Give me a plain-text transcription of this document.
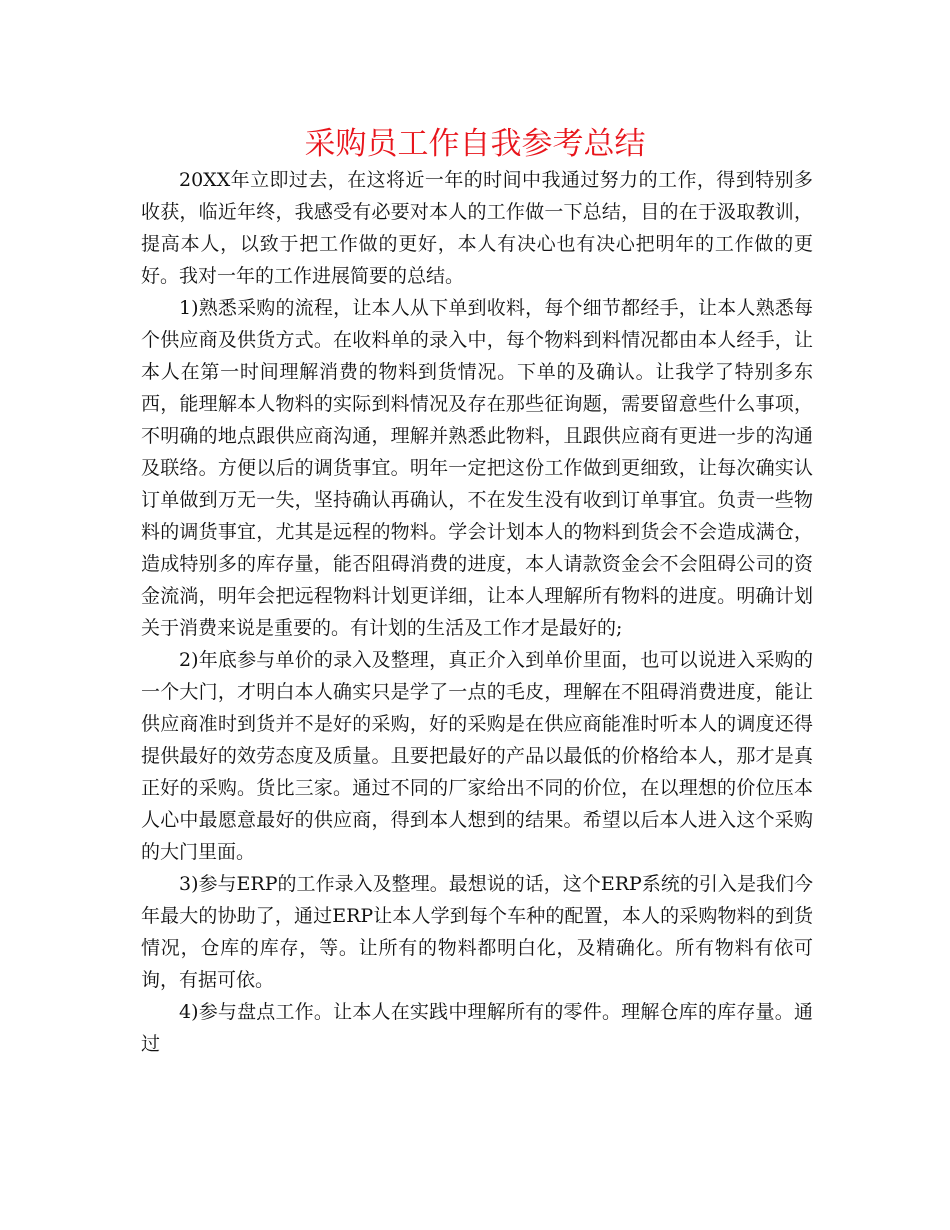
采购员工作自我参考总结

20XX年立即过去，在这将近一年的时间中我通过努力的工作，得到特别多收获，临近年终，我感受有必要对本人的工作做一下总结，目的在于汲取教训，提高本人，以致于把工作做的更好，本人有决心也有决心把明年的工作做的更好。我对一年的工作进展简要的总结。

1)熟悉采购的流程，让本人从下单到收料，每个细节都经手，让本人熟悉每个供应商及供货方式。在收料单的录入中，每个物料到料情况都由本人经手，让本人在第一时间理解消费的物料到货情况。下单的及确认。让我学了特别多东西，能理解本人物料的实际到料情况及存在那些征询题，需要留意些什么事项，不明确的地点跟供应商沟通，理解并熟悉此物料，且跟供应商有更进一步的沟通及联络。方便以后的调货事宜。明年一定把这份工作做到更细致，让每次确实认订单做到万无一失，坚持确认再确认，不在发生没有收到订单事宜。负责一些物料的调货事宜，尤其是远程的物料。学会计划本人的物料到货会不会造成满仓，造成特别多的库存量，能否阻碍消费的进度，本人请款资金会不会阻碍公司的资金流淌，明年会把远程物料计划更详细，让本人理解所有物料的进度。明确计划关于消费来说是重要的。有计划的生活及工作才是最好的;

2)年底参与单价的录入及整理，真正介入到单价里面，也可以说进入采购的一个大门，才明白本人确实只是学了一点的毛皮，理解在不阻碍消费进度，能让供应商准时到货并不是好的采购，好的采购是在供应商能准时听本人的调度还得提供最好的效劳态度及质量。且要把最好的产品以最低的价格给本人，那才是真正好的采购。货比三家。通过不同的厂家给出不同的价位，在以理想的价位压本人心中最愿意最好的供应商，得到本人想到的结果。希望以后本人进入这个采购的大门里面。

3)参与ERP的工作录入及整理。最想说的话，这个ERP系统的引入是我们今年最大的协助了，通过ERP让本人学到每个车种的配置，本人的采购物料的到货情况，仓库的库存，等。让所有的物料都明白化，及精确化。所有物料有依可询，有据可依。

4)参与盘点工作。让本人在实践中理解所有的零件。理解仓库的库存量。通过
